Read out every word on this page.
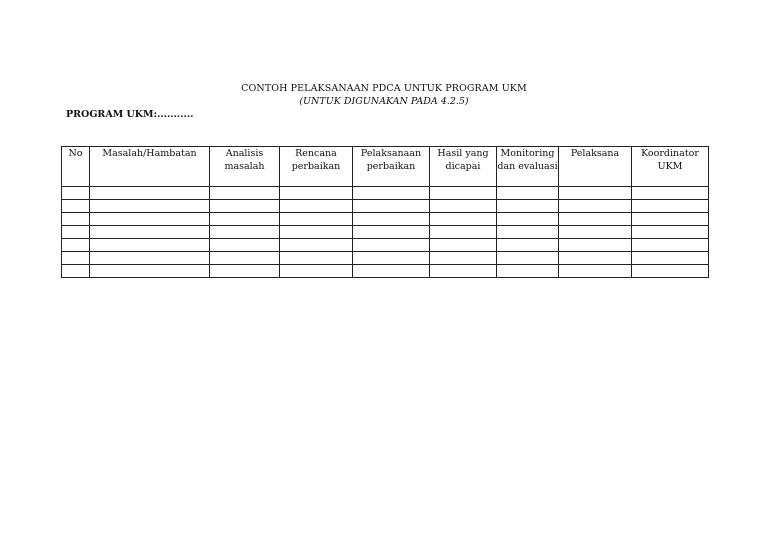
CONTOH PELAKSANAAN PDCA UNTUK PROGRAM UKM
(UNTUK DIGUNAKAN PADA 4.2.5)
PROGRAM UKM:...........
No	Masalah/Hambatan	Analisis masalah	Rencana perbaikan	Pelaksanaan perbaikan	Hasil yang dicapai	Monitoring dan evaluasi	Pelaksana	Koordinator UKM
